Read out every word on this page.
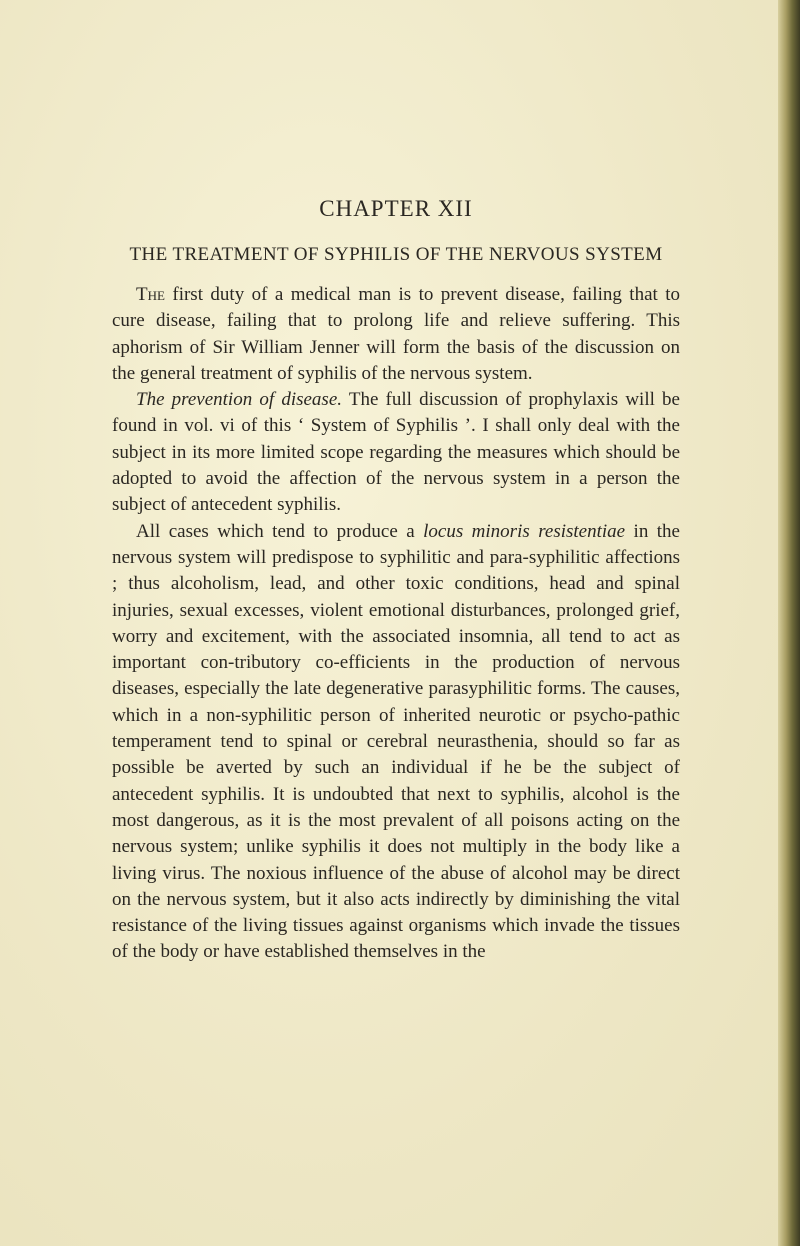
CHAPTER XII
THE TREATMENT OF SYPHILIS OF THE NERVOUS SYSTEM

The first duty of a medical man is to prevent disease, failing that to cure disease, failing that to prolong life and relieve suffering. This aphorism of Sir William Jenner will form the basis of the discussion on the general treatment of syphilis of the nervous system.

The prevention of disease. The full discussion of prophylaxis will be found in vol. vi of this ‘ System of Syphilis ’. I shall only deal with the subject in its more limited scope regarding the measures which should be adopted to avoid the affection of the nervous system in a person the subject of antecedent syphilis.

All cases which tend to produce a locus minoris resistentiae in the nervous system will predispose to syphilitic and para-syphilitic affections ; thus alcoholism, lead, and other toxic conditions, head and spinal injuries, sexual excesses, violent emotional disturbances, prolonged grief, worry and excitement, with the associated insomnia, all tend to act as important con-tributory co-efficients in the production of nervous diseases, especially the late degenerative parasyphilitic forms. The causes, which in a non-syphilitic person of inherited neurotic or psycho-pathic temperament tend to spinal or cerebral neurasthenia, should so far as possible be averted by such an individual if he be the subject of antecedent syphilis. It is undoubted that next to syphilis, alcohol is the most dangerous, as it is the most prevalent of all poisons acting on the nervous system; unlike syphilis it does not multiply in the body like a living virus. The noxious influence of the abuse of alcohol may be direct on the nervous system, but it also acts indirectly by diminishing the vital resistance of the living tissues against organisms which invade the tissues of the body or have established themselves in the
